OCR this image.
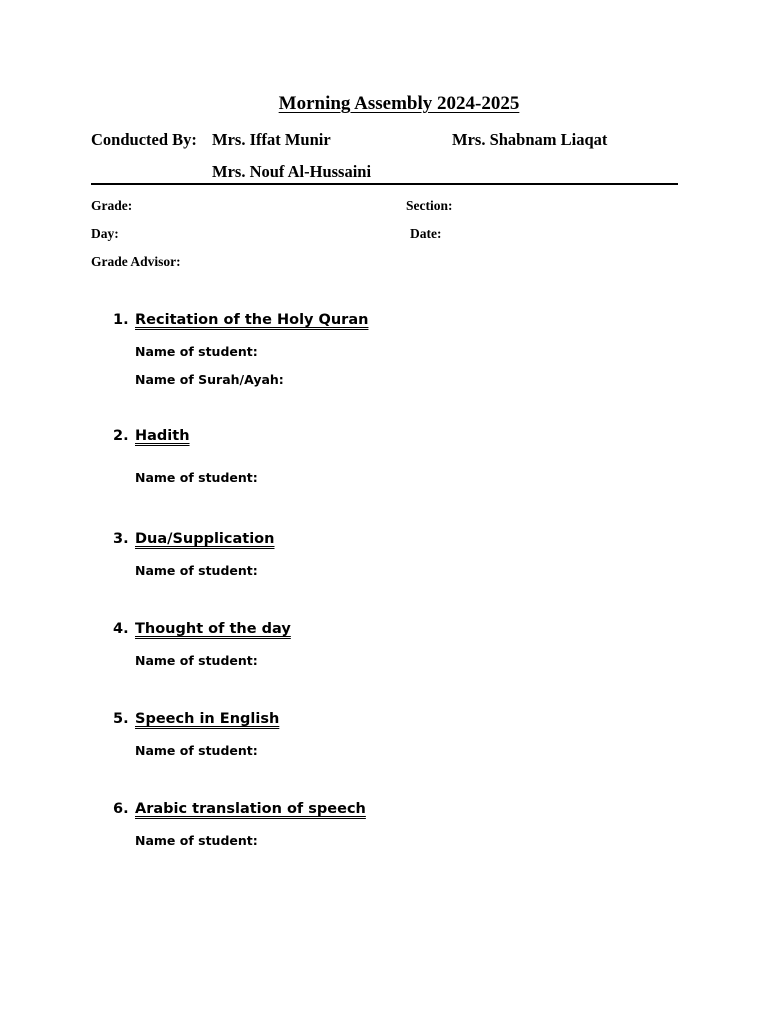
Morning Assembly 2024-2025
Conducted By: Mrs. Iffat Munir	Mrs. Shabnam Liaqat
Mrs. Nouf Al-Hussaini
Grade:	Section:
Day:	Date:
Grade Advisor:
1. Recitation of the Holy Quran
Name of student:
Name of Surah/Ayah:
2. Hadith
Name of student:
3. Dua/Supplication
Name of student:
4. Thought of the day
Name of student:
5. Speech in English
Name of student:
6. Arabic translation of speech
Name of student:
